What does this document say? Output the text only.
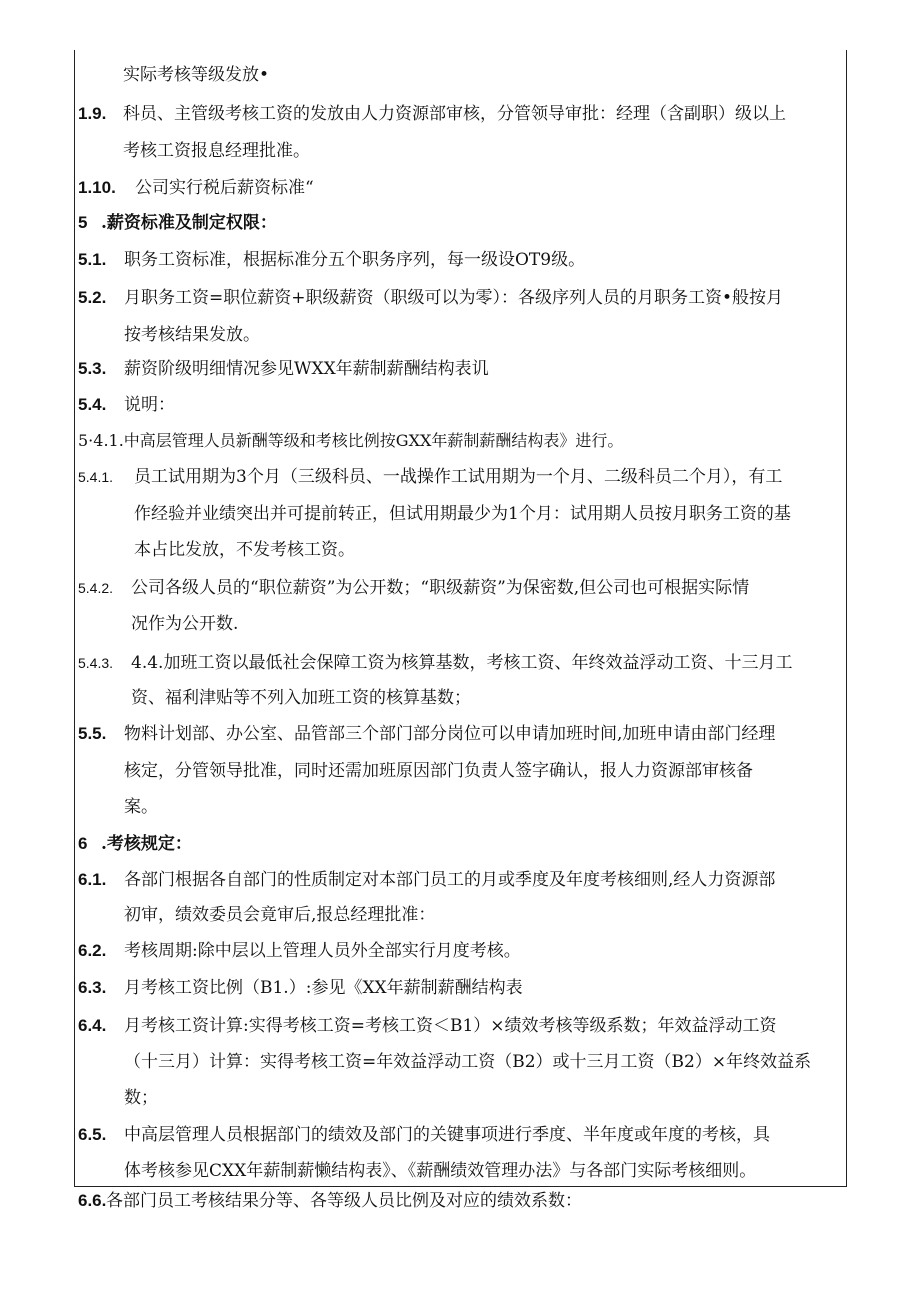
实际考核等级发放•
1.9. 科员、主管级考核工资的发放由人力资源部审核，分管领导审批：经理（含副职）级以上
考核工资报息经理批准。
1.10. 公司实行税后薪资标准“
5 .薪资标准及制定权限：
5.1. 职务工资标准，根据标准分五个职务序列，每一级设OT9级。
5.2. 月职务工资=职位薪资+职级薪资（职级可以为零）：各级序列人员的月职务工资•般按月
按考核结果发放。
5.3. 薪资阶级明细情况参见WXX年薪制薪酬结构表讥
5.4. 说明：
5·4.1.中高层管理人员新酬等级和考核比例按GXX年薪制薪酬结构表》进行。
5.4.1. 员工试用期为3个月（三级科员、一战操作工试用期为一个月、二级科员二个月），有工
作经验并业绩突出并可提前转正，但试用期最少为1个月：试用期人员按月职务工资的基
本占比发放，不发考核工资。
5.4.2. 公司各级人员的“职位薪资”为公开数；“职级薪资”为保密数,但公司也可根据实际情
况作为公开数.
5.4.3. 4.4.加班工资以最低社会保障工资为核算基数，考核工资、年终效益浮动工资、十三月工
资、福利津贴等不列入加班工资的核算基数；
5.5. 物料计划部、办公室、品管部三个部门部分岗位可以申请加班时间,加班申请由部门经理
核定，分管领导批准，同时还需加班原因部门负责人签字确认，报人力资源部审核备
案。
6 .考核规定：
6.1. 各部门根据各自部门的性质制定对本部门员工的月或季度及年度考核细则,经人力资源部
初审，绩效委员会竟审后,报总经理批准：
6.2. 考核周期:除中层以上管理人员外全部实行月度考核。
6.3. 月考核工资比例（B1.）:参见《XX年薪制薪酬结构表
6.4. 月考核工资计算:实得考核工资=考核工资＜B1）×绩效考核等级系数；年效益浮动工资
（十三月）计算：实得考核工资=年效益浮动工资（B2）或十三月工资（B2）×年终效益系
数；
6.5. 中高层管理人员根据部门的绩效及部门的关键事项进行季度、半年度或年度的考核，具
体考核参见CXX年薪制薪懒结构表》、《薪酬绩效管理办法》与各部门实际考核细则。
6.6. 各部门员工考核结果分等、各等级人员比例及对应的绩效系数：
